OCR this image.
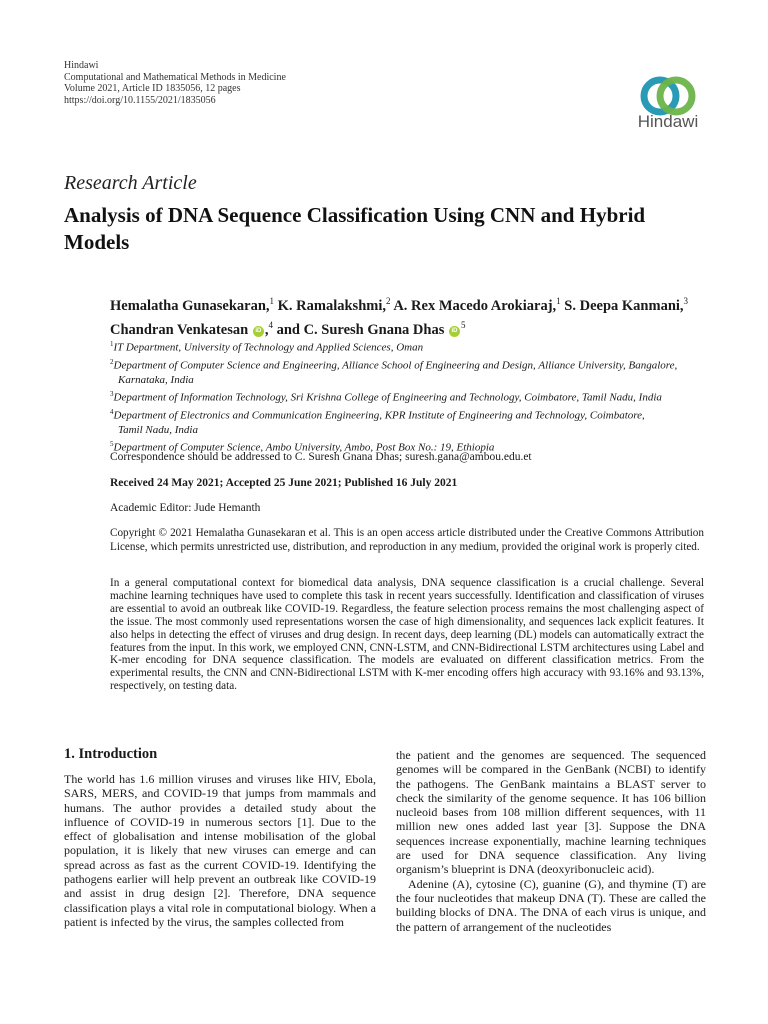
Hindawi
Computational and Mathematical Methods in Medicine
Volume 2021, Article ID 1835056, 12 pages
https://doi.org/10.1155/2021/1835056
Hindawi
Research Article
Analysis of DNA Sequence Classification Using CNN and Hybrid Models
Hemalatha Gunasekaran,$^1$ K. Ramalakshmi,$^2$ A. Rex Macedo Arokiaraj,$^1$ S. Deepa Kanmani,$^3$
Chandran Venkatesan iD ,$^4$ and C. Suresh Gnana Dhas $iD^5$
$^1$IT Department, University of Technology and Applied Sciences, Oman
$^2$Department of Computer Science and Engineering, Alliance School of Engineering and Design, Alliance University, Bangalore,
Karnataka, India
$^3$Department of Information Technology, Sri Krishna College of Engineering and Technology, Coimbatore, Tamil Nadu, India
$^4$Department of Electronics and Communication Engineering, KPR Institute of Engineering and Technology, Coimbatore,
Tamil Nadu, India
$^5$Department of Computer Science, Ambo University, Ambo, Post Box No.: 19, Ethiopia
Correspondence should be addressed to C. Suresh Gnana Dhas; suresh.gana@ambou.edu.et
Received 24 May 2021; Accepted 25 June 2021; Published 16 July 2021
Academic Editor: Jude Hemanth
Copyright © 2021 Hemalatha Gunasekaran et al. This is an open access article distributed under the Creative Commons Attribution License, which permits unrestricted use, distribution, and reproduction in any medium, provided the original work is properly cited.
In a general computational context for biomedical data analysis, DNA sequence classification is a crucial challenge. Several machine learning techniques have used to complete this task in recent years successfully. Identification and classification of viruses are essential to avoid an outbreak like COVID-19. Regardless, the feature selection process remains the most challenging aspect of the issue. The most commonly used representations worsen the case of high dimensionality, and sequences lack explicit features. It also helps in detecting the effect of viruses and drug design. In recent days, deep learning (DL) models can automatically extract the features from the input. In this work, we employed CNN, CNN-LSTM, and CNN-Bidirectional LSTM architectures using Label and K-mer encoding for DNA sequence classification. The models are evaluated on different classification metrics. From the experimental results, the CNN and CNN-Bidirectional LSTM with K-mer encoding offers high accuracy with 93.16% and 93.13%, respectively, on testing data.
1. Introduction

The world has 1.6 million viruses and viruses like HIV, Ebola, SARS, MERS, and COVID-19 that jumps from mammals and humans. The author provides a detailed study about the influence of COVID-19 in numerous sectors [1]. Due to the effect of globalisation and intense mobilisation of the global population, it is likely that new viruses can emerge and can spread across as fast as the current COVID-19. Identifying the pathogens earlier will help prevent an outbreak like COVID-19 and assist in drug design [2]. Therefore, DNA sequence classification plays a vital role in computational biology. When a patient is infected by the virus, the samples collected from

the patient and the genomes are sequenced. The sequenced genomes will be compared in the GenBank (NCBI) to identify the pathogens. The GenBank maintains a BLAST server to check the similarity of the genome sequence. It has 106 billion nucleoid bases from 108 million different sequences, with 11 million new ones added last year [3]. Suppose the DNA sequences increase exponentially, machine learning techniques are used for DNA sequence classification. Any living organism’s blueprint is DNA (deoxyribonucleic acid).

Adenine (A), cytosine (C), guanine (G), and thymine (T) are the four nucleotides that makeup DNA (T). These are called the building blocks of DNA. The DNA of each virus is unique, and the pattern of arrangement of the nucleotides
